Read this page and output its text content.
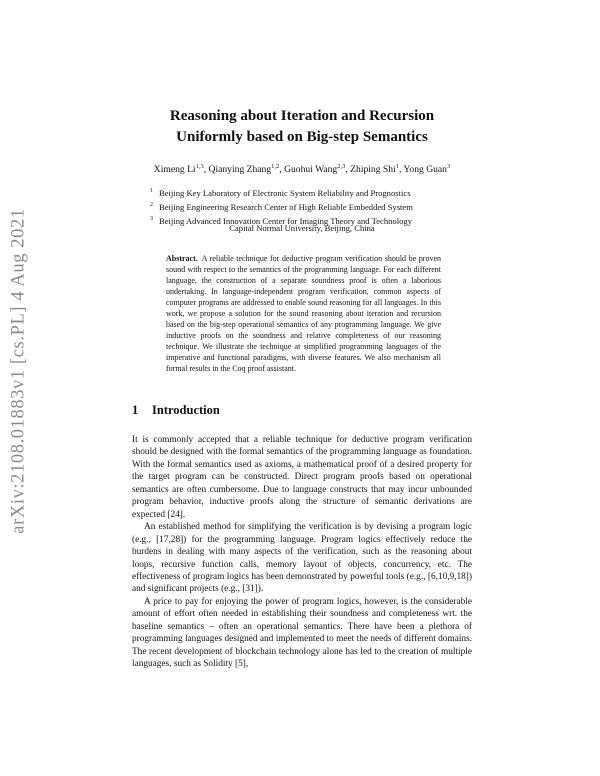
arXiv:2108.01883v1 [cs.PL] 4 Aug 2021
Reasoning about Iteration and Recursion
Uniformly based on Big-step Semantics
Ximeng Li$^{1,3}$, Qianying Zhang$^{1,2}$, Guohui Wang$^{2,3}$, Zhiping Shi$^1$, Yong Guan$^3$
$^1$ Beijing Key Laboratory of Electronic System Reliability and Prognostics
$^2$ Beijing Engineering Research Center of High Reliable Embedded System
$^3$ Beijing Advanced Innovation Center for Imaging Theory and Technology
Capital Normal University, Beijing, China
Abstract. A reliable technique for deductive program verification should be proven sound with respect to the semantics of the programming language. For each different language, the construction of a separate soundness proof is often a laborious undertaking. In language-independent program verification, common aspects of computer programs are addressed to enable sound reasoning for all languages. In this work, we propose a solution for the sound reasoning about iteration and recursion based on the big-step operational semantics of any programming language. We give inductive proofs on the soundness and relative completeness of our reasoning technique. We illustrate the technique at simplified programming languages of the imperative and functional paradigms, with diverse features. We also mechanism all formal results in the Coq proof assistant.
1 Introduction

It is commonly accepted that a reliable technique for deductive program verification should be designed with the formal semantics of the programming language as foundation. With the formal semantics used as axioms, a mathematical proof of a desired property for the target program can be constructed. Direct program proofs based on operational semantics are often cumbersome. Due to language constructs that may incur unbounded program behavior, inductive proofs along the structure of semantic derivations are expected [24].

An established method for simplifying the verification is by devising a program logic (e.g., [17,28]) for the programming language. Program logics effectively reduce the burdens in dealing with many aspects of the verification, such as the reasoning about loops, recursive function calls, memory layout of objects, concurrency, etc. The effectiveness of program logics has been demonstrated by powerful tools (e.g., [6,10,9,18]) and significant projects (e.g., [31]).

A price to pay for enjoying the power of program logics, however, is the considerable amount of effort often needed in establishing their soundness and completeness wrt. the baseline semantics – often an operational semantics. There have been a plethora of programming languages designed and implemented to meet the needs of different domains. The recent development of blockchain technology alone has led to the creation of multiple languages, such as Solidity [5],
